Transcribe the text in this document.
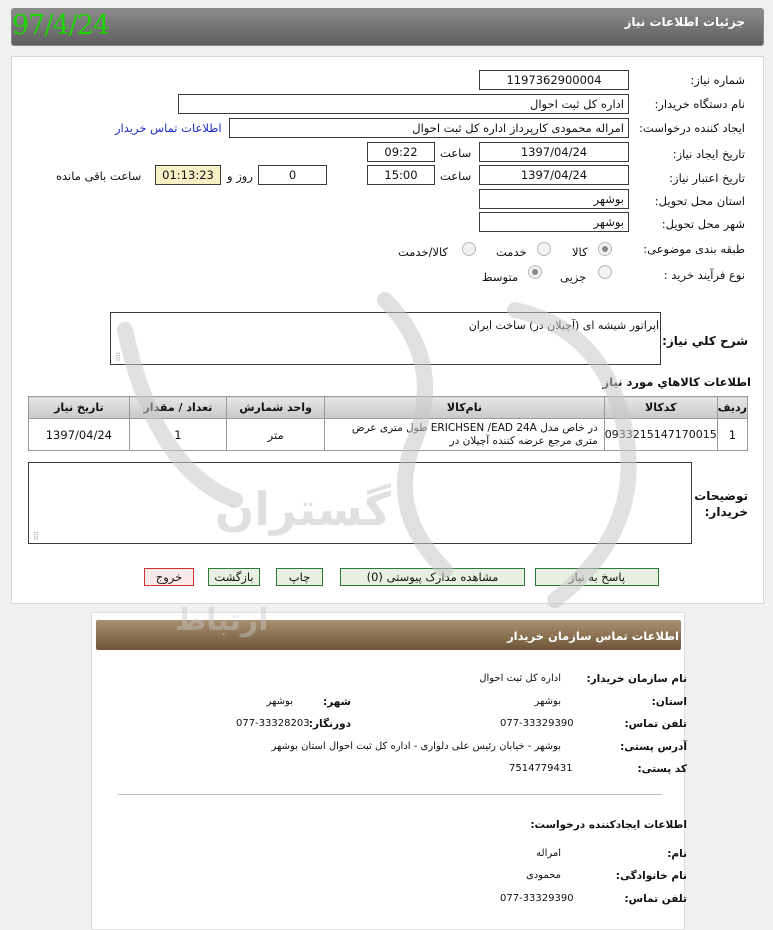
جزئیات اطلاعات نیاز
97/4/24
شماره نیاز:
1197362900004
نام دستگاه خریدار:
اداره کل ثبت احوال
ایجاد کننده درخواست:
امراله محمودی کارپرداز اداره کل ثبت احوال
اطلاعات تماس خریدار
تاریخ ایجاد نیاز:
1397/04/24
ساعت
09:22
تاریخ اعتبار نیاز:
1397/04/24
ساعت
15:00
0
روز و
01:13:23
ساعت باقی مانده
استان محل تحویل:
بوشهر
شهر محل تحویل:
بوشهر
طبقه بندی موضوعی:
کالا
خدمت
کالا/خدمت
نوع فرآیند خرید :
جزیی
متوسط
شرح کلي نياز:
اپراتور شیشه ای (آچیلان در) ساخت ایران
⣿
اطلاعات کالاهاي مورد نياز
ردیف	کدکالا	نام‌کالا	واحد شمارش	تعداد / مقدار	تاریخ نیاز
1	0933215147170015	در خاص مدل ERICHSEN /EAD 24A طول متری عرض متری مرجع عرضه کننده آچیلان در	متر	1	1397/04/24
توضیحات خریدار:
⣿
پاسخ به نیاز
مشاهده مدارک پیوستی (0)
چاپ
بازگشت
خروج
اطلاعات تماس سازمان خریدار
نام سازمان خریدار:
اداره کل ثبت احوال
استان:
بوشهر
شهر:
بوشهر
تلفن تماس:
077-33329390
دورنگار:
077-33328203
آدرس پستی:
بوشهر - خیابان رئیس علی دلواری - اداره کل ثبت احوال استان بوشهر
کد پستی:
7514779431
اطلاعات ایجادکننده درخواست:
نام:
امراله
نام خانوادگی:
محمودی
تلفن تماس:
077-33329390
گستران
ارتباط
